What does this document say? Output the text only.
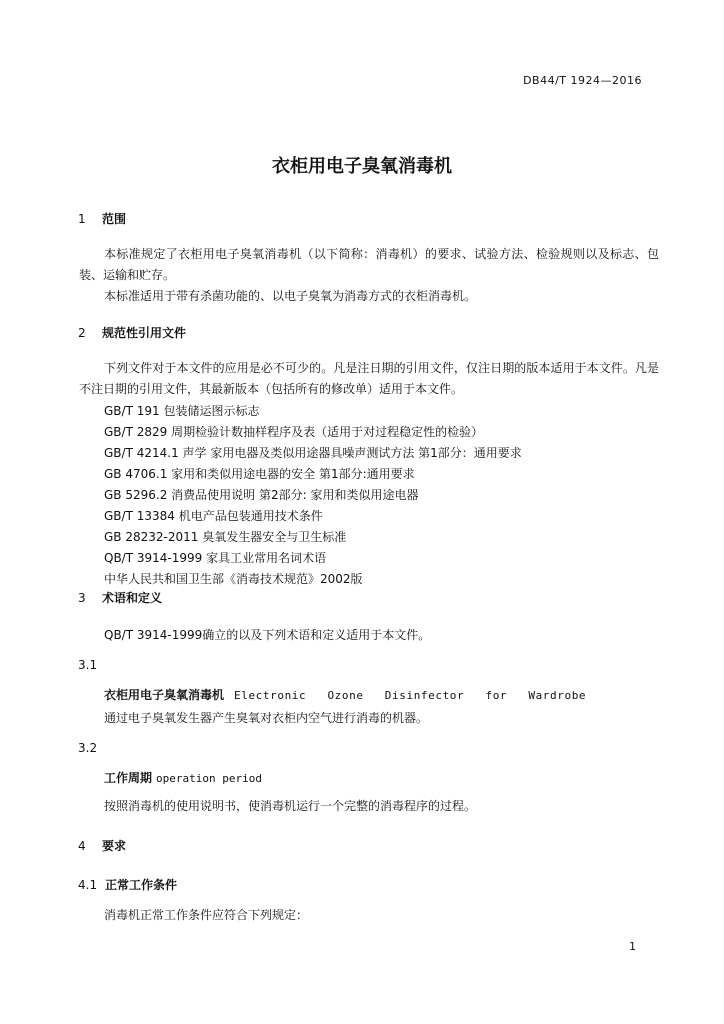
DB44/T 1924—2016
衣柜用电子臭氧消毒机
1 范围
本标准规定了衣柜用电子臭氧消毒机（以下简称：消毒机）的要求、试验方法、检验规则以及标志、包装、运输和贮存。
本标准适用于带有杀菌功能的、以电子臭氧为消毒方式的衣柜消毒机。
2 规范性引用文件
下列文件对于本文件的应用是必不可少的。凡是注日期的引用文件，仅注日期的版本适用于本文件。凡是不注日期的引用文件，其最新版本（包括所有的修改单）适用于本文件。
GB/T 191 包装储运图示标志
GB/T 2829 周期检验计数抽样程序及表（适用于对过程稳定性的检验）
GB/T 4214.1 声学 家用电器及类似用途器具噪声测试方法 第1部分：通用要求
GB 4706.1 家用和类似用途电器的安全 第1部分:通用要求
GB 5296.2 消费品使用说明 第2部分: 家用和类似用途电器
GB/T 13384 机电产品包装通用技术条件
GB 28232-2011 臭氧发生器安全与卫生标准
QB/T 3914-1999 家具工业常用名词术语
中华人民共和国卫生部《消毒技术规范》2002版
3 术语和定义
QB/T 3914-1999确立的以及下列术语和定义适用于本文件。
3.1
衣柜用电子臭氧消毒机 Electronic Ozone Disinfector for Wardrobe
通过电子臭氧发生器产生臭氧对衣柜内空气进行消毒的机器。
3.2
工作周期 operation period
按照消毒机的使用说明书，使消毒机运行一个完整的消毒程序的过程。
4 要求
4.1 正常工作条件
消毒机正常工作条件应符合下列规定：
1
